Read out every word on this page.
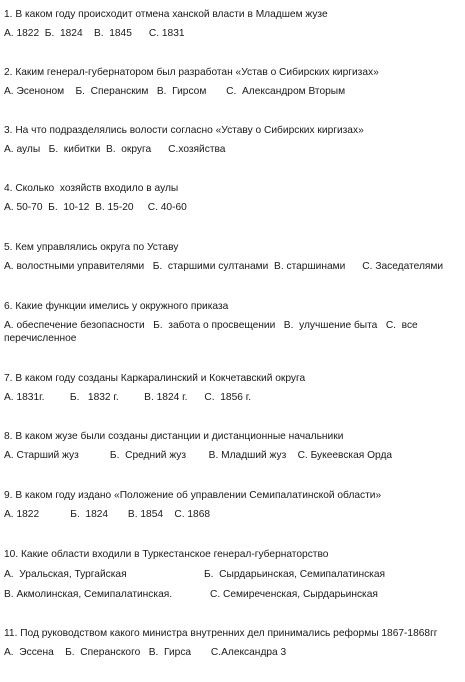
1. В каком году происходит отмена ханской власти в Младшем жузе
А. 1822  Б.  1824    В.  1845      С. 1831
2. Каким генерал-губернатором был разработан «Устав о Сибирских киргизах»
А. Эсеноном    Б.  Сперанским   В.  Гирсом       С.  Александром Вторым
3. На что подразделялись волости согласно «Уставу о Сибирских киргизах»
А. аулы   Б.  кибитки  В.  округа      С.хозяйства
4. Сколько  хозяйств входило в аулы
А. 50-70  Б.  10-12  В. 15-20     С. 40-60
5. Кем управлялись округа по Уставу
А. волостными управителями   Б.  старшими султанами  В. старшинами      С. Заседателями
6. Какие функции имелись у окружного приказа
А. обеспечение безопасности   Б.  забота о просвещении   В.  улучшение быта   С.  все
перечисленное
7. В каком году созданы Каркаралинский и Кокчетавский округа
А. 1831г.         Б.   1832 г.         В. 1824 г.      С.  1856 г.
8. В каком жузе были созданы дистанции и дистанционные начальники
А. Старший жуз           Б.  Средний жуз        В. Младший жуз    С. Букеевская Орда
9. В каком году издано «Положение об управлении Семипалатинской области»
А. 1822           Б.  1824       В. 1854    С. 1868
10. Какие области входили в Туркестанское генерал-губернаторство
А.  Уральская, Тургайская	Б.  Сырдарьинская, Семипалатинская
В. Акмолинская, Семипалатинская.	С. Семиреченская, Сырдарьинская
11. Под руководством какого министра внутренних дел принимались реформы 1867-1868гг
А.  Эссена    Б.  Сперанского   В.  Гирса       С.Александра 3
